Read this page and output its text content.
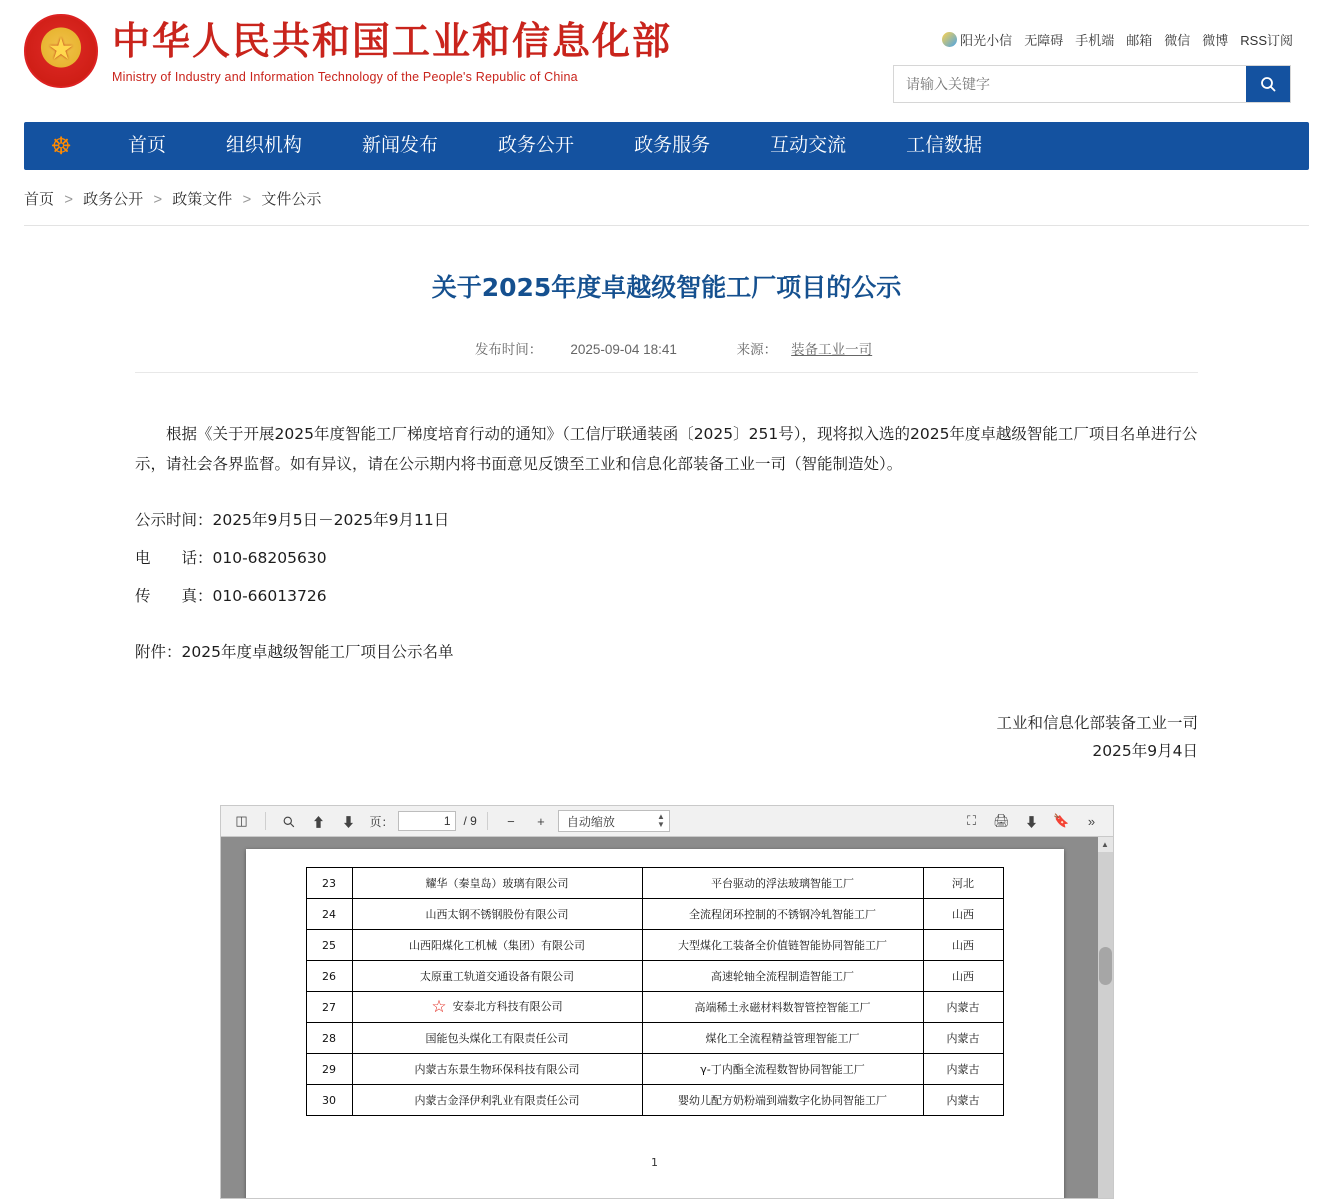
★
中华人民共和国工业和信息化部
Ministry of Industry and Information Technology of the People's Republic of China
阳光小信 无障碍 手机端 邮箱 微信 微博 RSS订阅
请输入关键字
☸	首页	组织机构	新闻发布	政务公开	政务服务	互动交流	工信数据
首页 > 政务公开 > 政策文件 > 文件公示
关于2025年度卓越级智能工厂项目的公示
发布时间： 2025-09-04 18:41	来源： 装备工业一司

根据《关于开展2025年度智能工厂梯度培育行动的通知》（工信厅联通装函〔2025〕251号），现将拟入选的2025年度卓越级智能工厂项目名单进行公示，请社会各界监督。如有异议，请在公示期内将书面意见反馈至工业和信息化部装备工业一司（智能制造处）。

公示时间：2025年9月5日－2025年9月11日

电　　话：010-68205630

传　　真：010-66013726

附件：2025年度卓越级智能工厂项目公示名单

工业和信息化部装备工业一司
2025年9月4日
◫	⬆	⬇	页：
1	/ 9	−	+	自动缩放	▲
▼	⛶	🖨	⬇	🔖	»
23	耀华（秦皇岛）玻璃有限公司	平台驱动的浮法玻璃智能工厂	河北
24	山西太钢不锈钢股份有限公司	全流程闭环控制的不锈钢冷轧智能工厂	山西
25	山西阳煤化工机械（集团）有限公司	大型煤化工装备全价值链智能协同智能工厂	山西
26	太原重工轨道交通设备有限公司	高速轮轴全流程制造智能工厂	山西
27	☆ 安泰北方科技有限公司	高端稀土永磁材料数智管控智能工厂	内蒙古
28	国能包头煤化工有限责任公司	煤化工全流程精益管理智能工厂	内蒙古
29	内蒙古东景生物环保科技有限公司	γ-丁内酯全流程数智协同智能工厂	内蒙古
30	内蒙古金泽伊利乳业有限责任公司	婴幼儿配方奶粉端到端数字化协同智能工厂	内蒙古
1
▲
